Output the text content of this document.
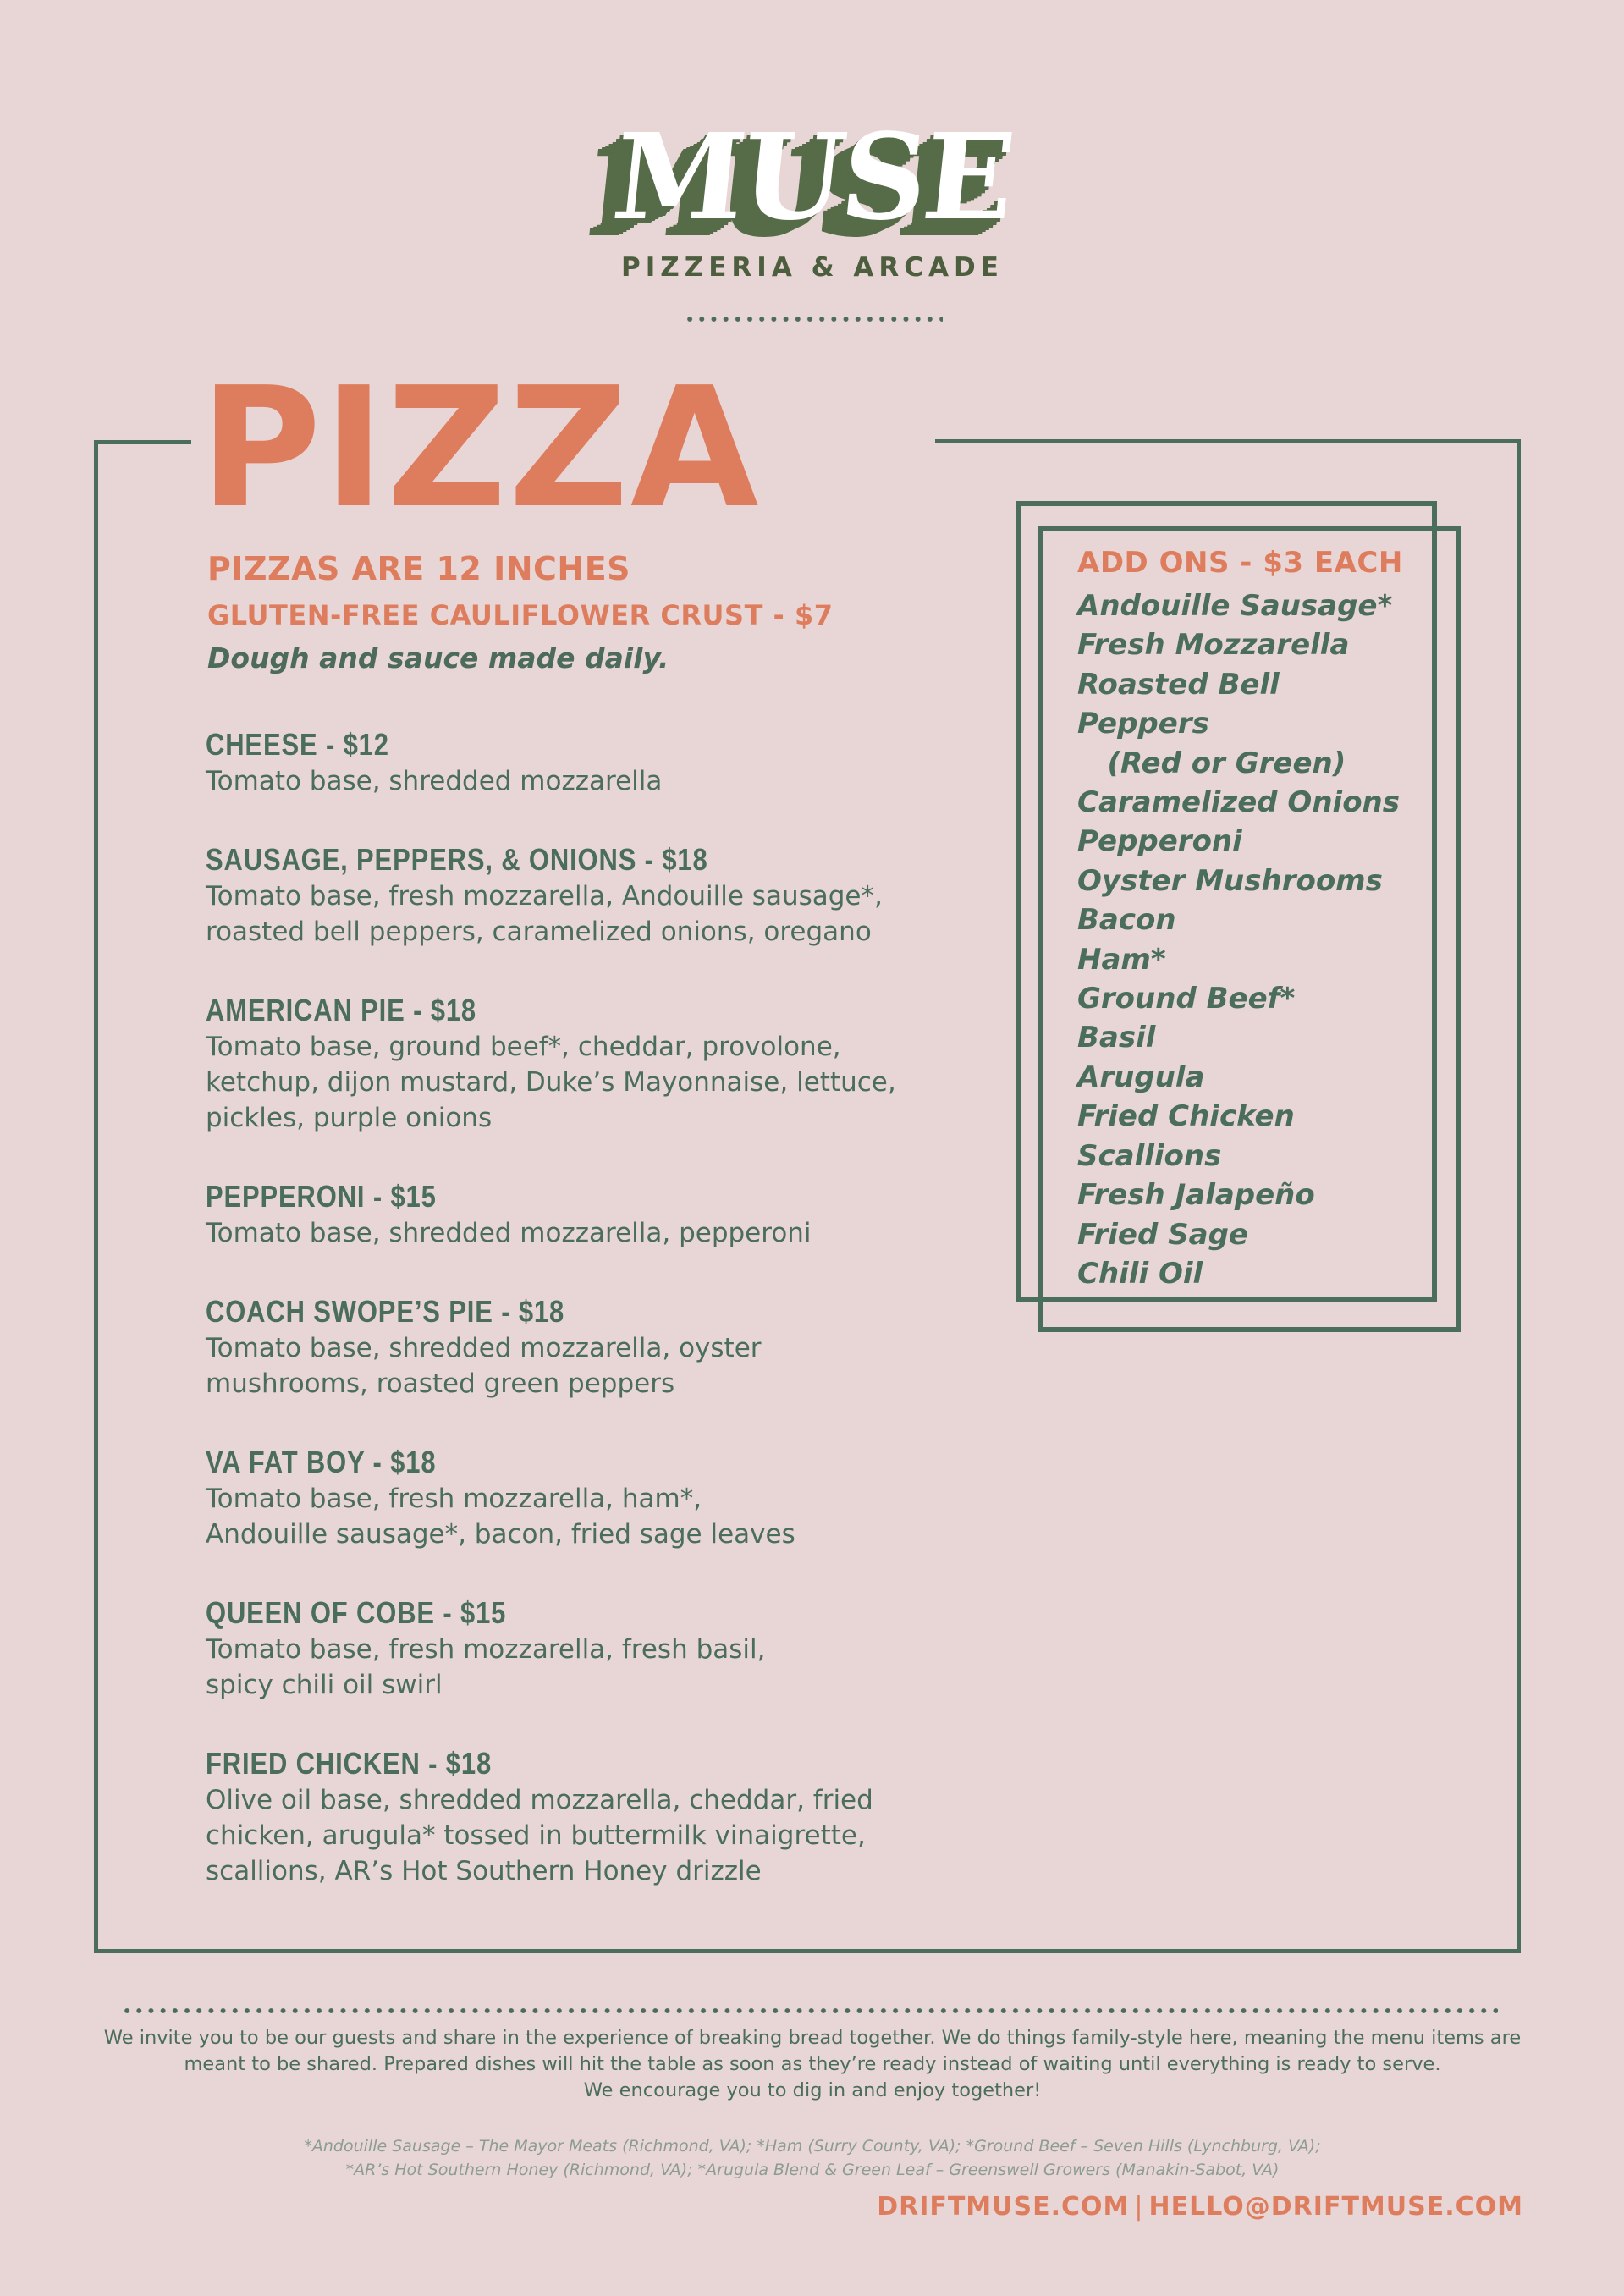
MUSE
PIZZERIA & ARCADE
PIZZA
PIZZAS ARE 12 INCHES
GLUTEN-FREE CAULIFLOWER CRUST - $7
Dough and sauce made daily.
CHEESE - $12
Tomato base, shredded mozzarella
SAUSAGE, PEPPERS, & ONIONS - $18
Tomato base, fresh mozzarella, Andouille sausage*,
roasted bell peppers, caramelized onions, oregano
AMERICAN PIE - $18
Tomato base, ground beef*, cheddar, provolone,
ketchup, dijon mustard, Duke’s Mayonnaise, lettuce,
pickles, purple onions
PEPPERONI - $15
Tomato base, shredded mozzarella, pepperoni
COACH SWOPE’S PIE - $18
Tomato base, shredded mozzarella, oyster
mushrooms, roasted green peppers
VA FAT BOY - $18
Tomato base, fresh mozzarella, ham*,
Andouille sausage*, bacon, fried sage leaves
QUEEN OF COBE - $15
Tomato base, fresh mozzarella, fresh basil,
spicy chili oil swirl
FRIED CHICKEN - $18
Olive oil base, shredded mozzarella, cheddar, fried
chicken, arugula* tossed in buttermilk vinaigrette,
scallions, AR’s Hot Southern Honey drizzle
ADD ONS - $3 EACH
Andouille Sausage*
Fresh Mozzarella
Roasted Bell
Peppers
(Red or Green)
Caramelized Onions
Pepperoni
Oyster Mushrooms
Bacon
Ham*
Ground Beef*
Basil
Arugula
Fried Chicken
Scallions
Fresh Jalapeño
Fried Sage
Chili Oil
We invite you to be our guests and share in the experience of breaking bread together. We do things family-style here, meaning the menu items are
meant to be shared. Prepared dishes will hit the table as soon as they’re ready instead of waiting until everything is ready to serve.
We encourage you to dig in and enjoy together!
*Andouille Sausage – The Mayor Meats (Richmond, VA); *Ham (Surry County, VA); *Ground Beef – Seven Hills (Lynchburg, VA);
*AR’s Hot Southern Honey (Richmond, VA); *Arugula Blend & Green Leaf – Greenswell Growers (Manakin-Sabot, VA)
DRIFTMUSE.COM | HELLO@DRIFTMUSE.COM
